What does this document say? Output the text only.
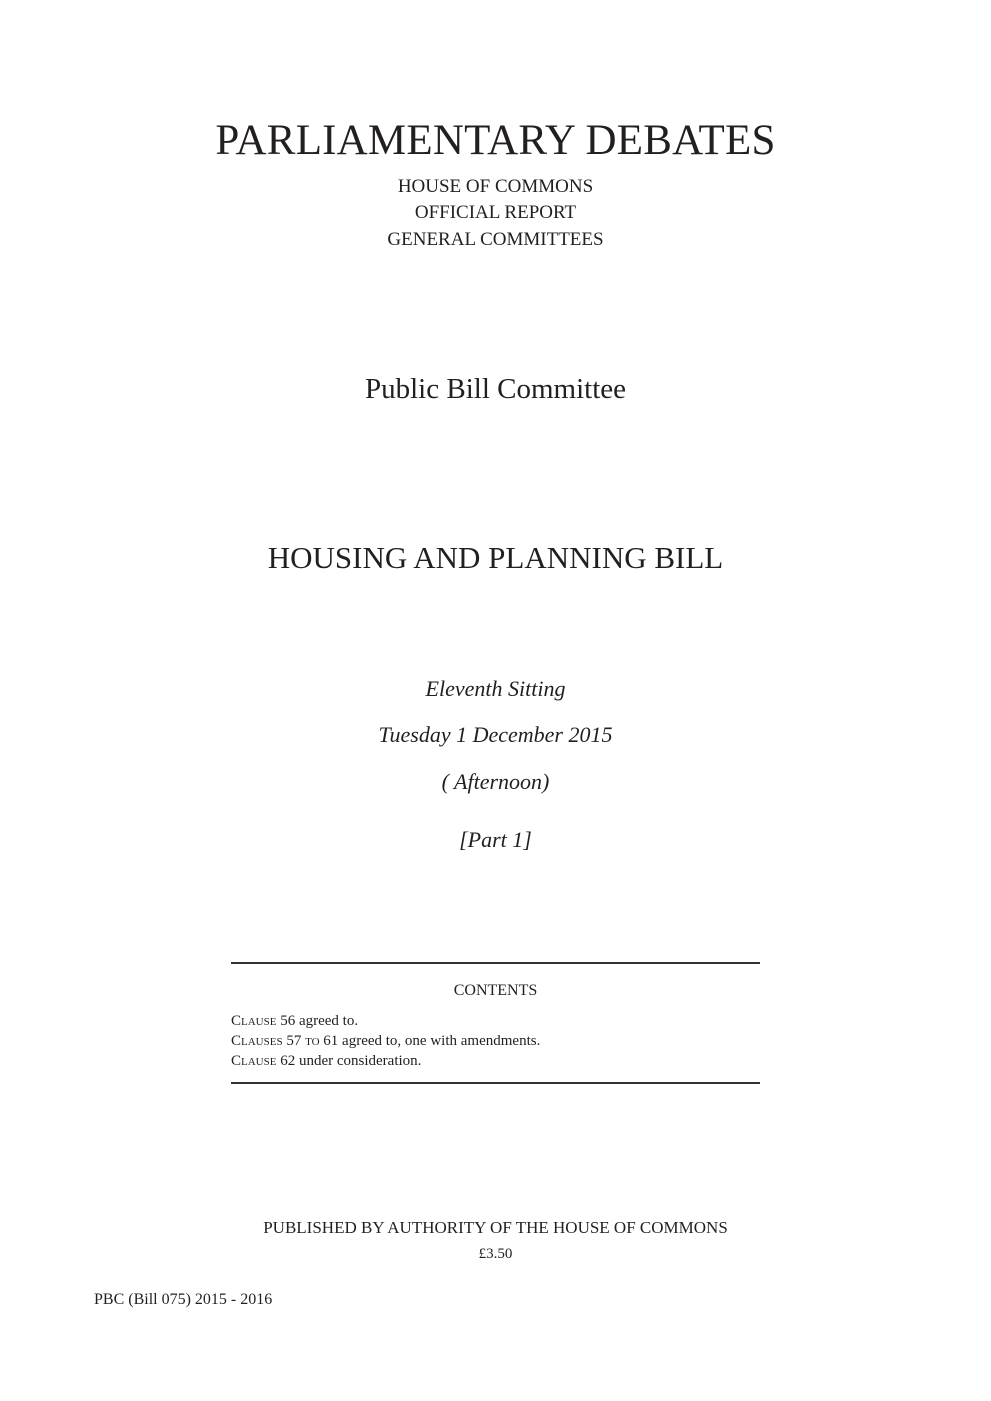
PARLIAMENTARY DEBATES
HOUSE OF COMMONS
OFFICIAL REPORT
GENERAL COMMITTEES
Public Bill Committee
HOUSING AND PLANNING BILL
Eleventh Sitting
Tuesday 1 December 2015
( Afternoon)
[Part 1]
CONTENTS
Clause 56 agreed to.
Clauses 57 to 61 agreed to, one with amendments.
Clause 62 under consideration.
PUBLISHED BY AUTHORITY OF THE HOUSE OF COMMONS
£3.50
PBC (Bill 075) 2015 - 2016
